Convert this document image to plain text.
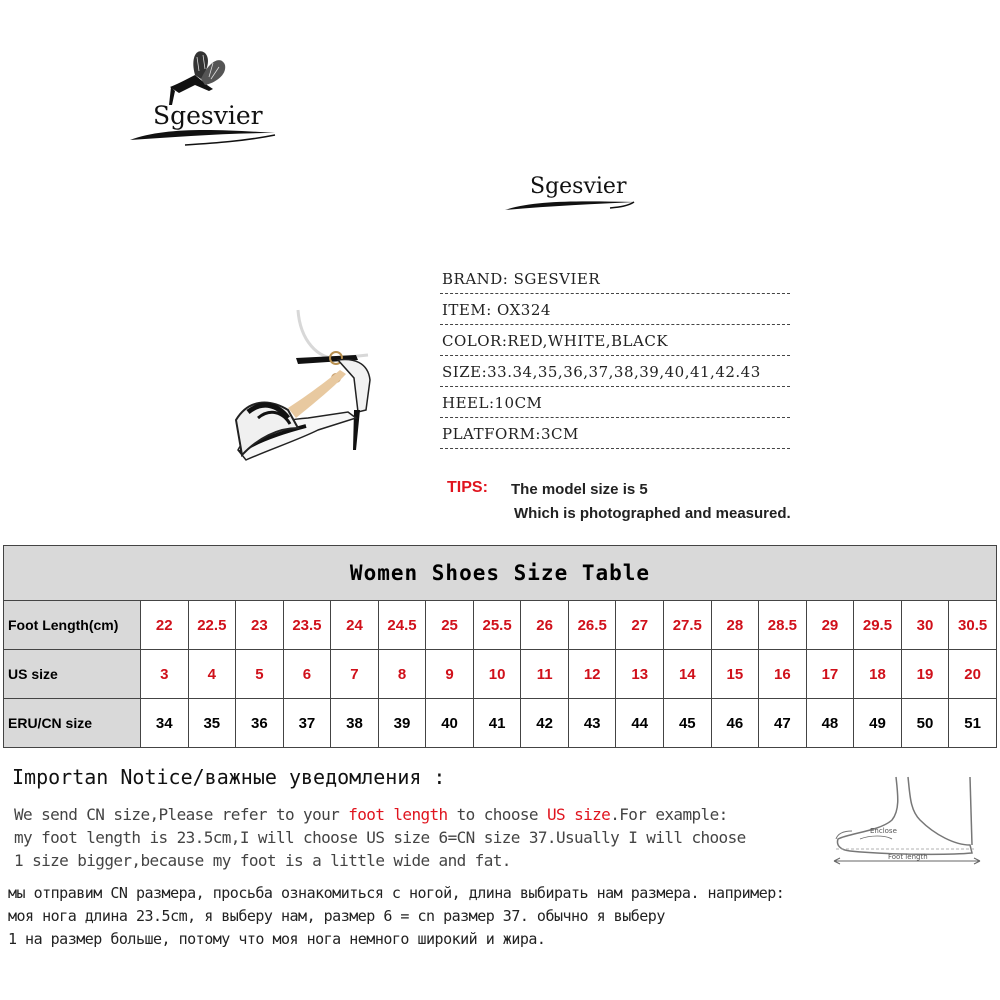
Sgesvier
Sgesvier
BRAND: SGESVIER
ITEM: OX324
COLOR:RED,WHITE,BLACK
SIZE:33.34,35,36,37,38,39,40,41,42.43
HEEL:10CM
PLATFORM:3CM
TIPS: The model size is 5
Which is photographed and measured.
Women Shoes Size Table																		
Foot Length(cm)	22	22.5	23	23.5	24	24.5	25	25.5	26	26.5	27	27.5	28	28.5	29	29.5	30	30.5
US size	3	4	5	6	7	8	9	10	11	12	13	14	15	16	17	18	19	20
ERU/CN size	34	35	36	37	38	39	40	41	42	43	44	45	46	47	48	49	50	51
Importan Notice/важные уведомления :
We send CN size,Please refer to your foot length to choose US size.For example:
my foot length is 23.5cm,I will choose US size 6=CN size 37.Usually I will choose
1 size bigger,because my foot is a little wide and fat.
мы отправим CN размера, просьба ознакомиться с ногой, длина выбирать нам размера. например:
моя нога длина 23.5cm, я выберу нам, размер 6 = cn размер 37. обычно я выберу
1 на размер больше, потому что моя нога немного широкий и жира.
Enclose
Foot length
